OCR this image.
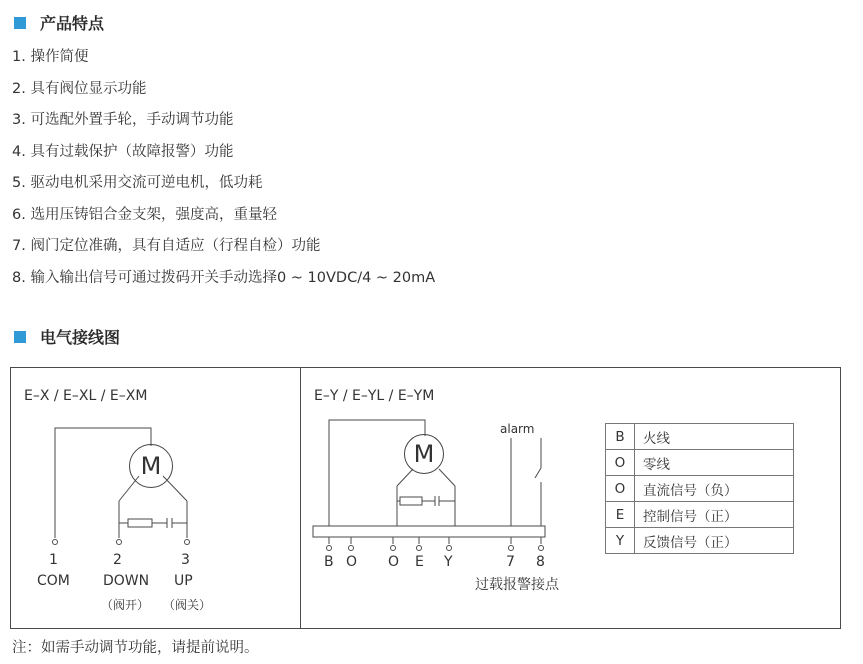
产品特点
1. 操作简便
2. 具有阀位显示功能
3. 可选配外置手轮，手动调节功能
4. 具有过载保护（故障报警）功能
5. 驱动电机采用交流可逆电机，低功耗
6. 选用压铸铝合金支架，强度高，重量轻
7. 阀门定位准确，具有自适应（行程自检）功能
8. 输入输出信号可通过拨码开关手动选择0 ~ 10VDC/4 ~ 20mA
电气接线图
E–X / E–XL / E–XM
M
1	2	3
COM DOWN UP
（阀开） （阀关）
E–Y / E–YL / E–YM
M
alarm
B O O E Y	7 8
过载报警接点
B	火线
O	零线
O	直流信号（负）
E	控制信号（正）
Y	反馈信号（正）
注：如需手动调节功能，请提前说明。
